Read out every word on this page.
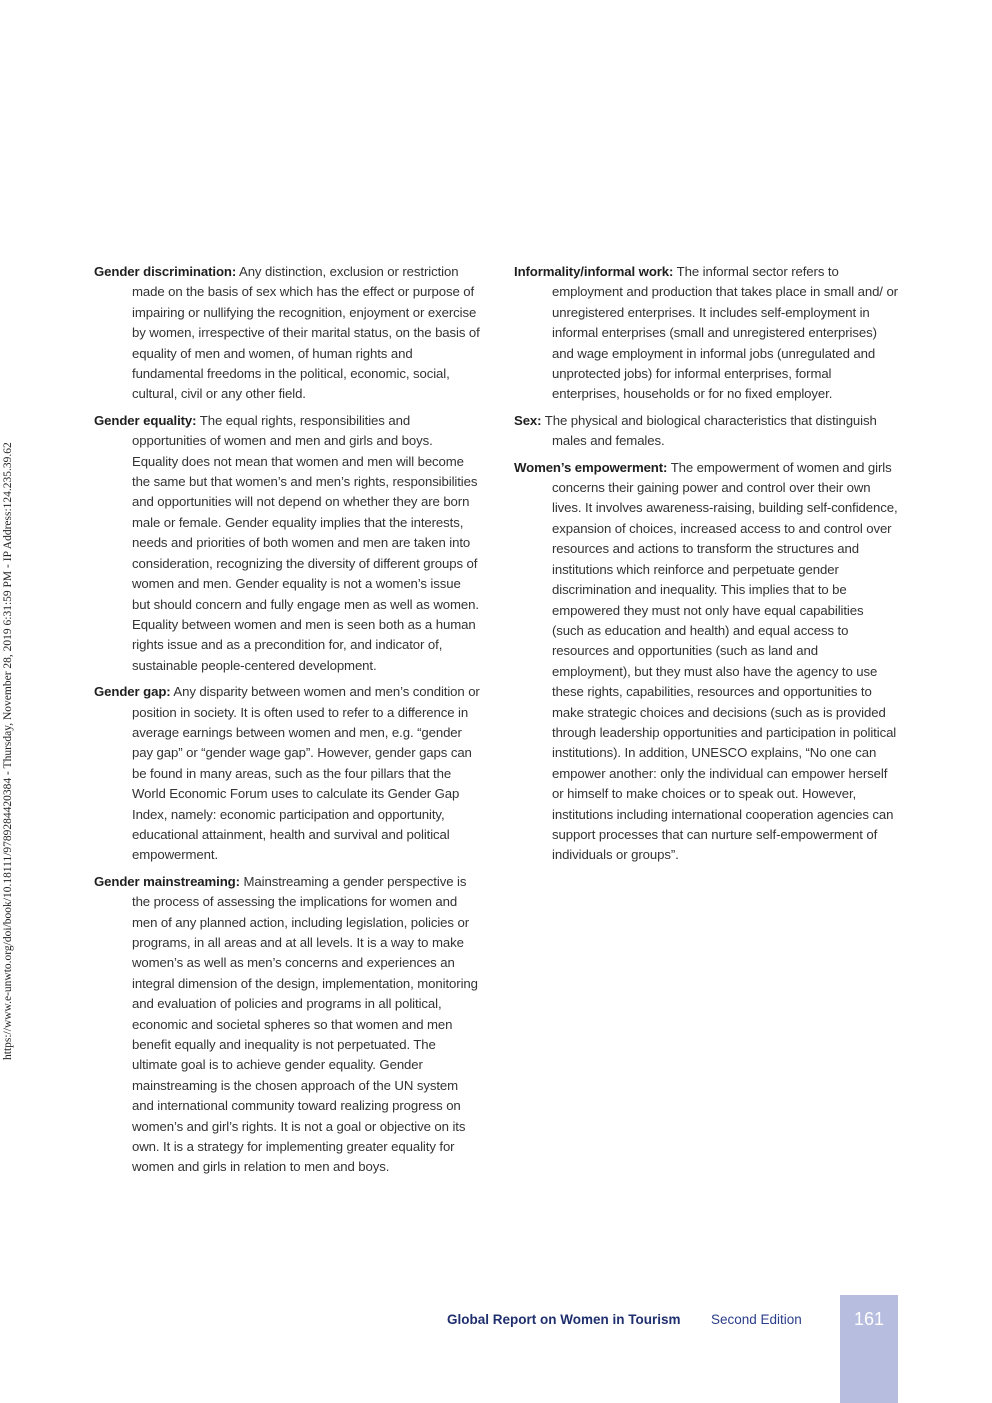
https://www.e-unwto.org/doi/book/10.18111/9789284420384 - Thursday, November 28, 2019 6:31:59 PM - IP Address:124.235.39.62

Gender discrimination: Any distinction, exclusion or restriction made on the basis of sex which has the effect or purpose of impairing or nullifying the recognition, enjoyment or exercise by women, irrespective of their marital status, on the basis of equality of men and women, of human rights and fundamental freedoms in the political, economic, social, cultural, civil or any other field.

Gender equality: The equal rights, responsibilities and opportunities of women and men and girls and boys. Equality does not mean that women and men will become the same but that women’s and men’s rights, responsibilities and opportunities will not depend on whether they are born male or female. Gender equality implies that the interests, needs and priorities of both women and men are taken into consideration, recognizing the diversity of different groups of women and men. Gender equality is not a women’s issue but should concern and fully engage men as well as women. Equality between women and men is seen both as a human rights issue and as a precondition for, and indicator of, sustainable people-centered development.

Gender gap: Any disparity between women and men’s condition or position in society. It is often used to refer to a difference in average earnings between women and men, e.g. “gender pay gap” or “gender wage gap”. However, gender gaps can be found in many areas, such as the four pillars that the World Economic Forum uses to calculate its Gender Gap Index, namely: economic participation and opportunity, educational attainment, health and survival and political empowerment.

Gender mainstreaming: Mainstreaming a gender perspective is the process of assessing the implications for women and men of any planned action, including legislation, policies or programs, in all areas and at all levels. It is a way to make women’s as well as men’s concerns and experiences an integral dimension of the design, implementation, monitoring and evaluation of policies and programs in all political, economic and societal spheres so that women and men benefit equally and inequality is not perpetuated. The ultimate goal is to achieve gender equality. Gender mainstreaming is the chosen approach of the UN system and international community toward realizing progress on women’s and girl’s rights. It is not a goal or objective on its own. It is a strategy for implementing greater equality for women and girls in relation to men and boys.

Informality/informal work: The informal sector refers to employment and production that takes place in small and/ or unregistered enterprises. It includes self-employment in informal enterprises (small and unregistered enterprises) and wage employment in informal jobs (unregulated and unprotected jobs) for informal enterprises, formal enterprises, households or for no fixed employer.

Sex: The physical and biological characteristics that distinguish males and females.

Women’s empowerment: The empowerment of women and girls concerns their gaining power and control over their own lives. It involves awareness-raising, building self-confidence, expansion of choices, increased access to and control over resources and actions to transform the structures and institutions which reinforce and perpetuate gender discrimination and inequality. This implies that to be empowered they must not only have equal capabilities (such as education and health) and equal access to resources and opportunities (such as land and employment), but they must also have the agency to use these rights, capabilities, resources and opportunities to make strategic choices and decisions (such as is provided through leadership opportunities and participation in political institutions). In addition, UNESCO explains, “No one can empower another: only the individual can empower herself or himself to make choices or to speak out. However, institutions including international cooperation agencies can support processes that can nurture self-empowerment of individuals or groups”.

Global Report on Women in Tourism Second Edition	161
